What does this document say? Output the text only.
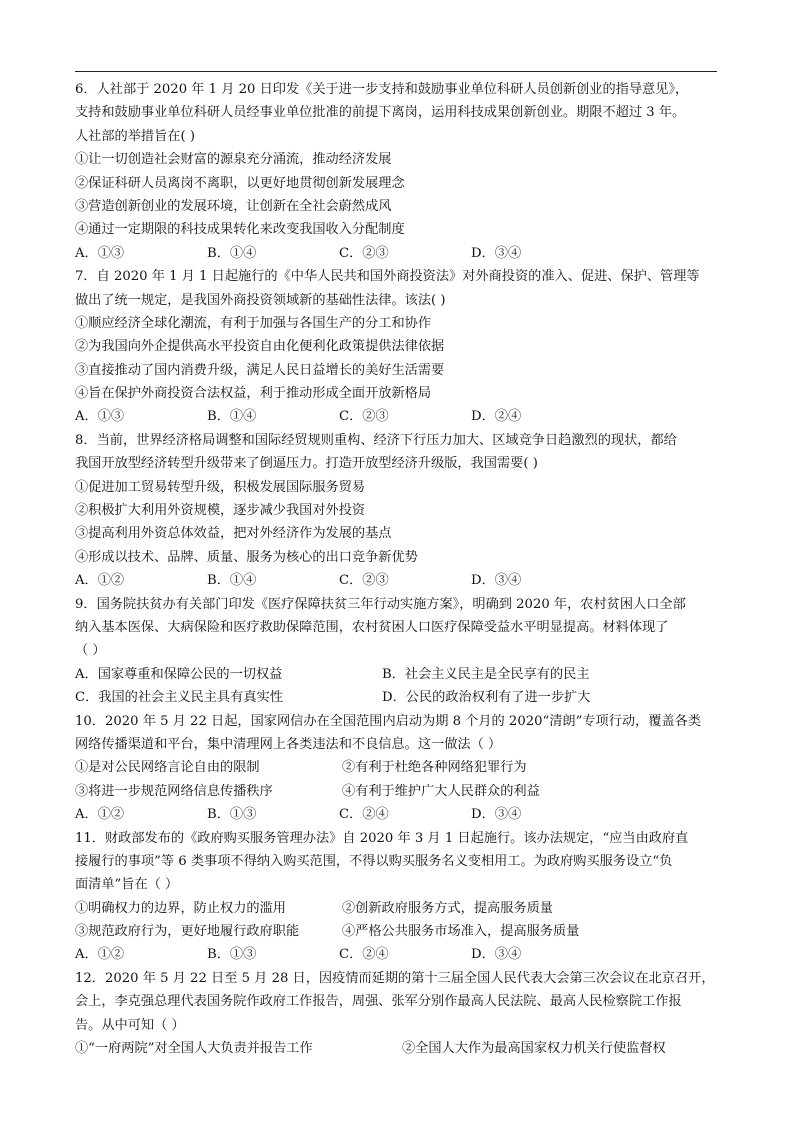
6．人社部于 2020 年 1 月 20 日印发《关于进一步支持和鼓励事业单位科研人员创新创业的指导意见》，
支持和鼓励事业单位科研人员经事业单位批准的前提下离岗，运用科技成果创新创业。期限不超过 3 年。
人社部的举措旨在( )
①让一切创造社会财富的源泉充分涌流，推动经济发展
②保证科研人员离岗不离职，以更好地贯彻创新发展理念
③营造创新创业的发展环境，让创新在全社会蔚然成风
④通过一定期限的科技成果转化来改变我国收入分配制度
A．①③	B．①④	C．②③	D．③④
7．自 2020 年 1 月 1 日起施行的《中华人民共和国外商投资法》对外商投资的准入、促进、保护、管理等
做出了统一规定，是我国外商投资领域新的基础性法律。该法( )
①顺应经济全球化潮流，有利于加强与各国生产的分工和协作
②为我国向外企提供高水平投资自由化便利化政策提供法律依据
③直接推动了国内消费升级，满足人民日益增长的美好生活需要
④旨在保护外商投资合法权益，利于推动形成全面开放新格局
A．①③	B．①④	C．②③	D．②④
8．当前，世界经济格局调整和国际经贸规则重构、经济下行压力加大、区域竞争日趋激烈的现状，都给
我国开放型经济转型升级带来了倒逼压力。打造开放型经济升级版，我国需要( )
①促进加工贸易转型升级，积极发展国际服务贸易
②积极扩大利用外资规模，逐步减少我国对外投资
③提高利用外资总体效益，把对外经济作为发展的基点
④形成以技术、品牌、质量、服务为核心的出口竞争新优势
A．①②	B．①④	C．②③	D．③④
9．国务院扶贫办有关部门印发《医疗保障扶贫三年行动实施方案》，明确到 2020 年，农村贫困人口全部
纳入基本医保、大病保险和医疗救助保障范围，农村贫困人口医疗保障受益水平明显提高。材料体现了
（ ）
A．国家尊重和保障公民的一切权益	B．社会主义民主是全民享有的民主
C．我国的社会主义民主具有真实性	D．公民的政治权利有了进一步扩大
10．2020 年 5 月 22 日起，国家网信办在全国范围内启动为期 8 个月的 2020“清朗”专项行动，覆盖各类
网络传播渠道和平台，集中清理网上各类违法和不良信息。这一做法（ ）
①是对公民网络言论自由的限制	②有利于杜绝各种网络犯罪行为
③将进一步规范网络信息传播秩序	④有利于维护广大人民群众的利益
A．①②	B．①③	C．②④	D．③④
11．财政部发布的《政府购买服务管理办法》自 2020 年 3 月 1 日起施行。该办法规定，“应当由政府直
接履行的事项”等 6 类事项不得纳入购买范围，不得以购买服务名义变相用工。为政府购买服务设立“负
面清单”旨在（ ）
①明确权力的边界，防止权力的滥用	②创新政府服务方式，提高服务质量
③规范政府行为，更好地履行政府职能	④严格公共服务市场准入，提高服务质量
A．①②	B．①③	C．②④	D．③④
12．2020 年 5 月 22 日至 5 月 28 日，因疫情而延期的第十三届全国人民代表大会第三次会议在北京召开，
会上，李克强总理代表国务院作政府工作报告，周强、张军分别作最高人民法院、最高人民检察院工作报
告。从中可知（ ）
①“一府两院”对全国人大负责并报告工作	②全国人大作为最高国家权力机关行使监督权
